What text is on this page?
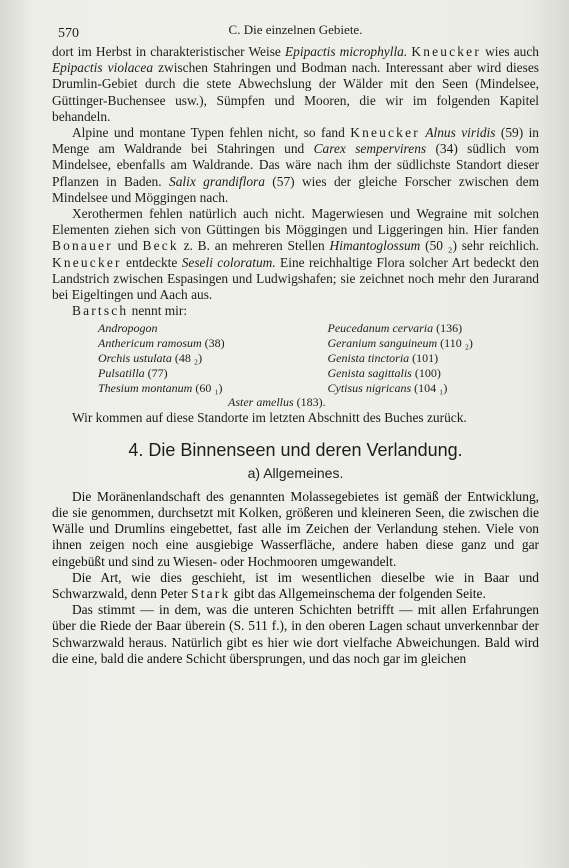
570	C. Die einzelnen Gebiete.

dort im Herbst in charakteristischer Weise Epipactis microphylla. Kneucker wies auch Epipactis violacea zwischen Stahringen und Bodman nach. Interessant aber wird dieses Drumlin-Gebiet durch die stete Abwechslung der Wälder mit den Seen (Mindelsee, Güttinger-Buchensee usw.), Sümpfen und Mooren, die wir im folgenden Kapitel behandeln.

Alpine und montane Typen fehlen nicht, so fand Kneucker Alnus viridis (59) in Menge am Waldrande bei Stahringen und Carex sempervirens (34) südlich vom Mindelsee, ebenfalls am Waldrande. Das wäre nach ihm der südlichste Standort dieser Pflanzen in Baden. Salix grandiflora (57) wies der gleiche Forscher zwischen dem Mindelsee und Möggingen nach.

Xerothermen fehlen natürlich auch nicht. Magerwiesen und Wegraine mit solchen Elementen ziehen sich von Güttingen bis Möggingen und Liggeringen hin. Hier fanden Bonauer und Beck z. B. an mehreren Stellen Himantoglossum (50 ₂) sehr reichlich. Kneucker entdeckte Seseli coloratum. Eine reichhaltige Flora solcher Art bedeckt den Landstrich zwischen Espasingen und Ludwigshafen; sie zeichnet noch mehr den Jurarand bei Eigeltingen und Aach aus.

Bartsch nennt mir:

Andropogon	Peucedanum cervaria (136)
Anthericum ramosum (38)	Geranium sanguineum (110 ₂)
Orchis ustulata (48 ₂)	Genista tinctoria (101)
Pulsatilla (77)	Genista sagittalis (100)
Thesium montanum (60 ₁)	Cytisus nigricans (104 ₁)
Aster amellus (183).

Wir kommen auf diese Standorte im letzten Abschnitt des Buches zurück.

4. Die Binnenseen und deren Verlandung.
a) Allgemeines.

Die Moränenlandschaft des genannten Molassegebietes ist gemäß der Entwicklung, die sie genommen, durchsetzt mit Kolken, größeren und kleineren Seen, die zwischen die Wälle und Drumlins eingebettet, fast alle im Zeichen der Verlandung stehen. Viele von ihnen zeigen noch eine ausgiebige Wasserfläche, andere haben diese ganz und gar eingebüßt und sind zu Wiesen- oder Hochmooren umgewandelt.

Die Art, wie dies geschieht, ist im wesentlichen dieselbe wie in Baar und Schwarzwald, denn Peter Stark gibt das Allgemeinschema der folgenden Seite.

Das stimmt — in dem, was die unteren Schichten betrifft — mit allen Erfahrungen über die Riede der Baar überein (S. 511 f.), in den oberen Lagen schaut unverkennbar der Schwarzwald heraus. Natürlich gibt es hier wie dort vielfache Abweichungen. Bald wird die eine, bald die andere Schicht übersprungen, und das noch gar im gleichen
